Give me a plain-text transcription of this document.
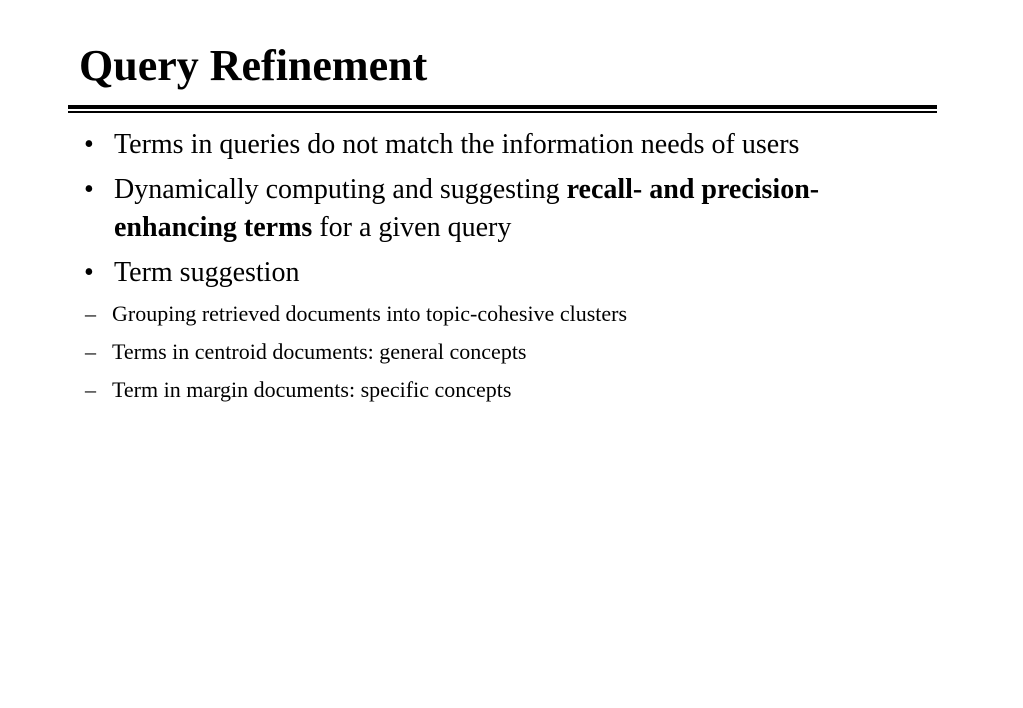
Query Refinement
• Terms in queries do not match the information needs of users
• Dynamically computing and suggesting recall- and precision-enhancing terms for a given query
• Term suggestion
– Grouping retrieved documents into topic-cohesive clusters
– Terms in centroid documents: general concepts
– Term in margin documents: specific concepts
